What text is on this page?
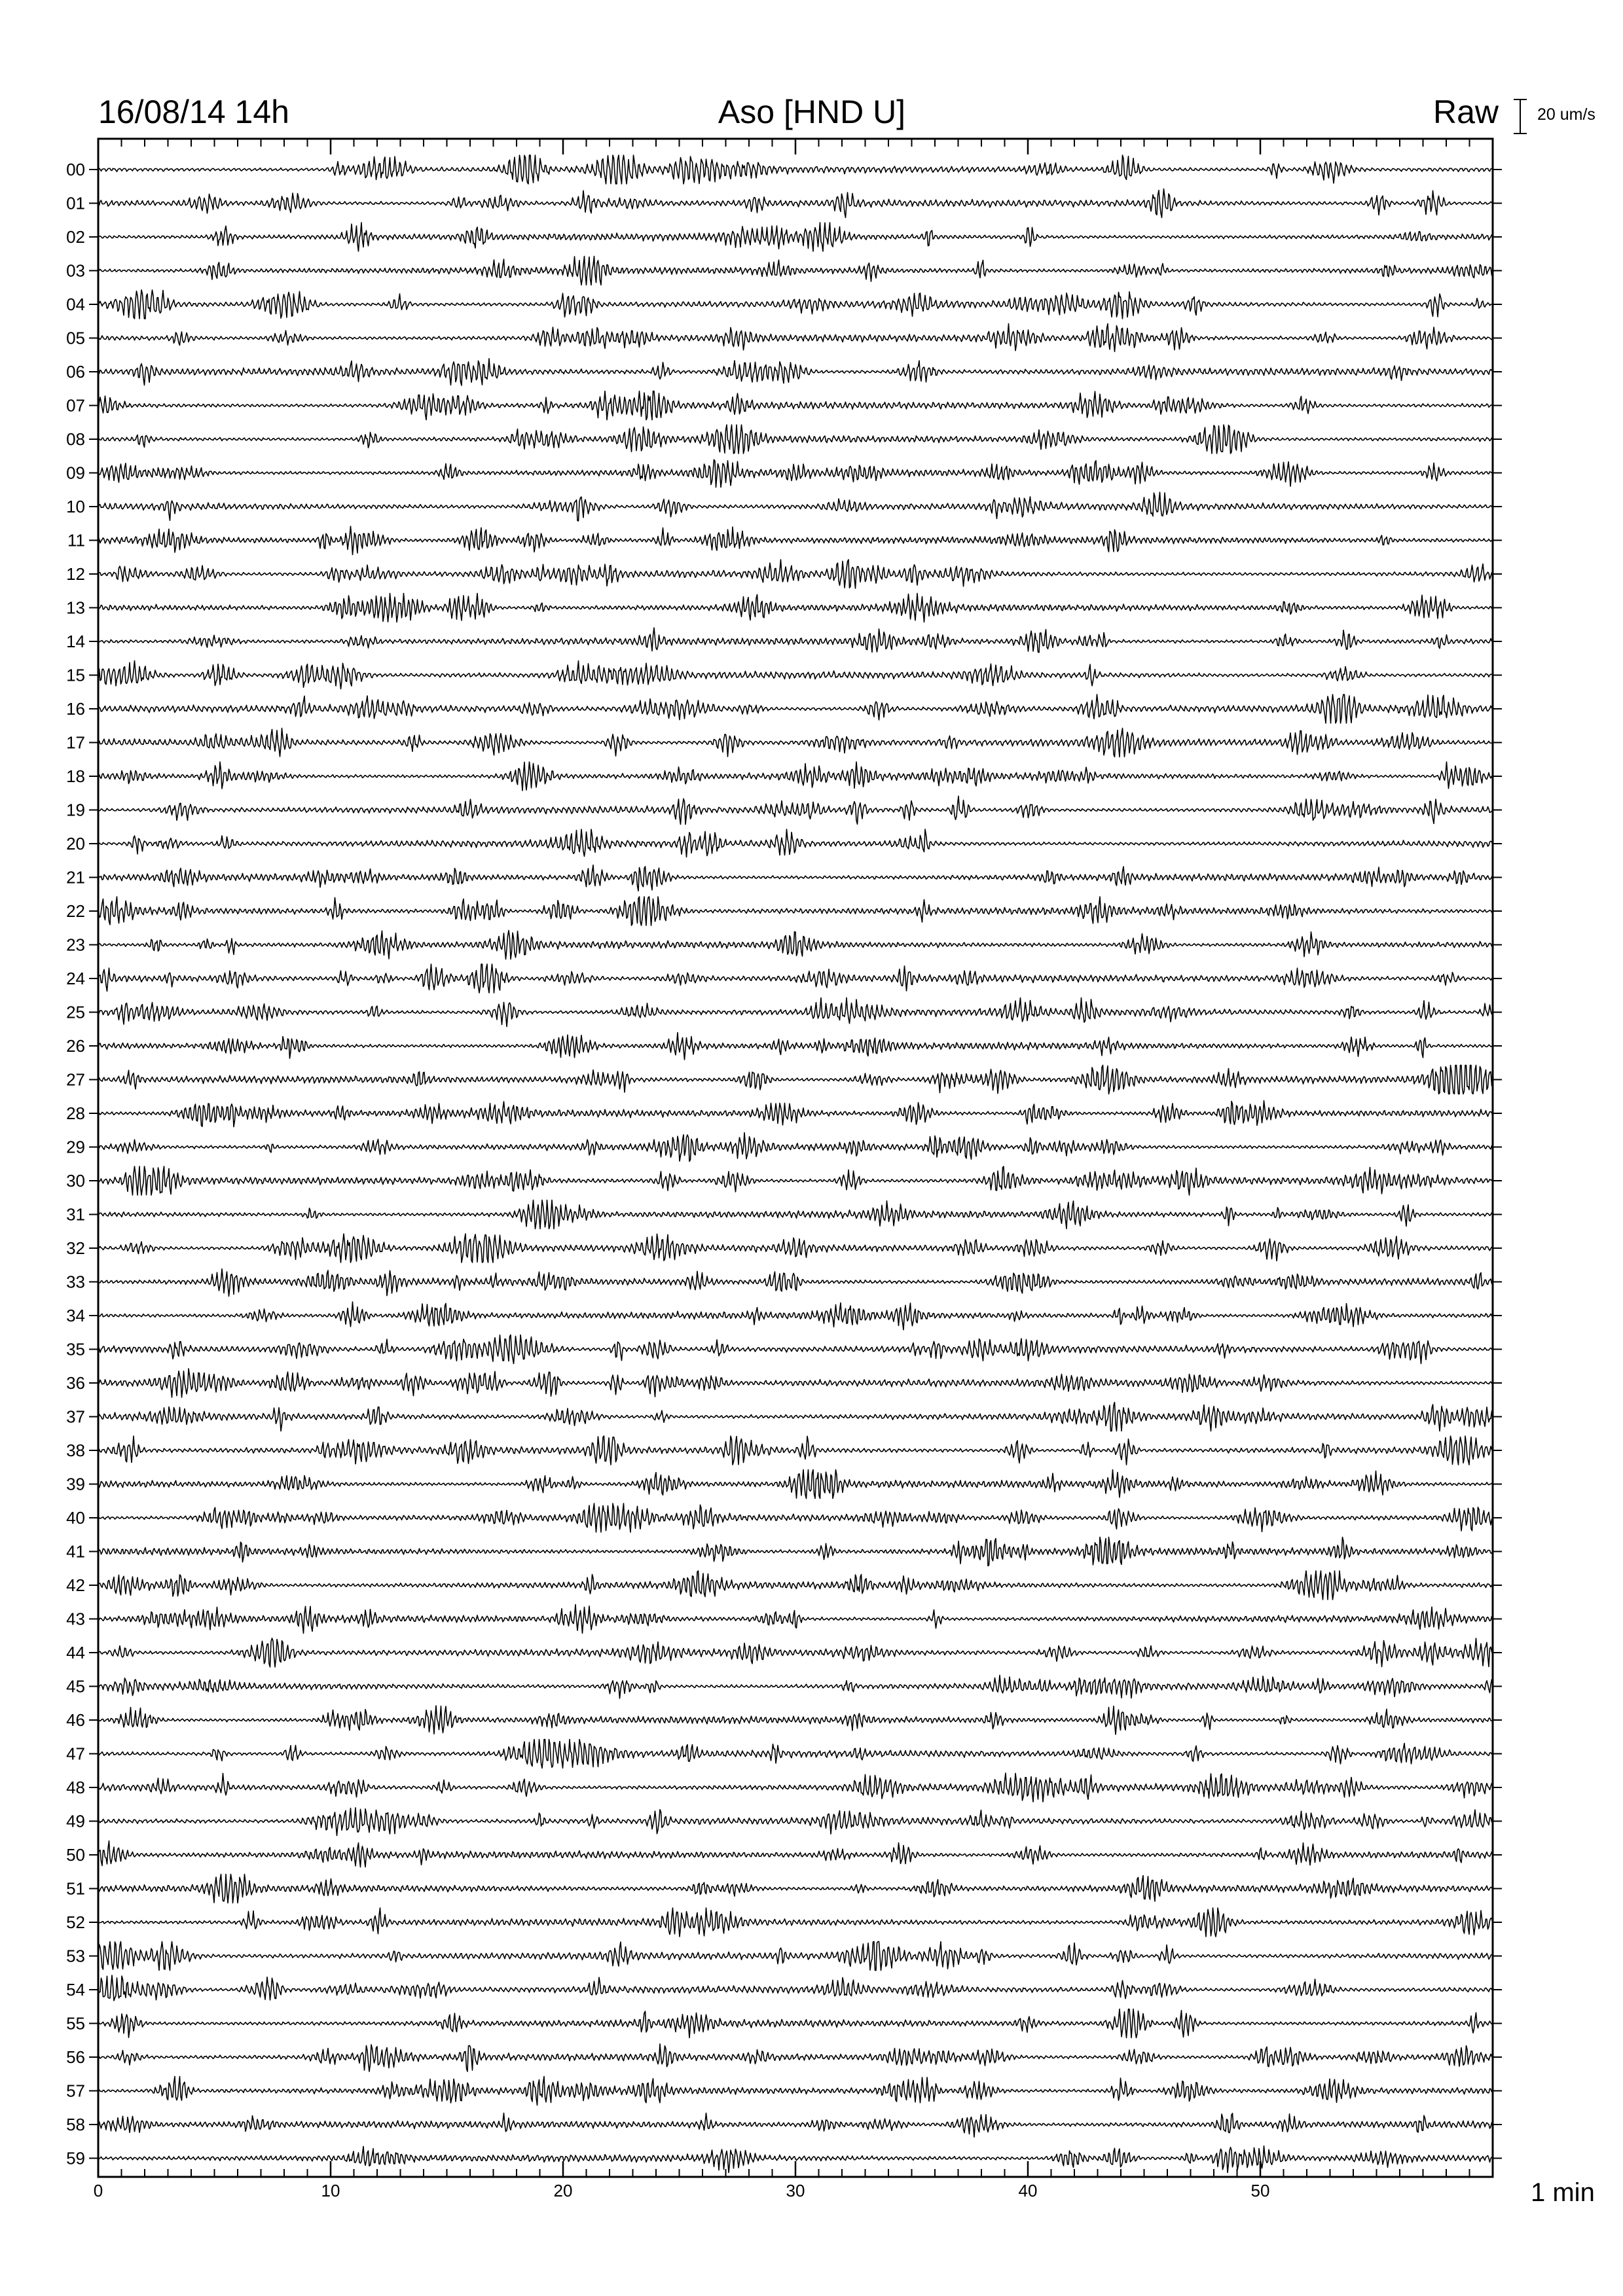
0	10	20	30	40	50
00
01
02
03
04
05
06
07
08
09
10
11
12
13
14
15
16
17
18
19
20
21
22
23
24
25
26
27
28
29
30
31
32
33
34
35
36
37
38
39
40
41
42
43
44
45
46
47
48
49
50
51
52
53
54
55
56
57
58
59
16/08/14 14h	Aso [HND U]	Raw 20 um/s
1 min
